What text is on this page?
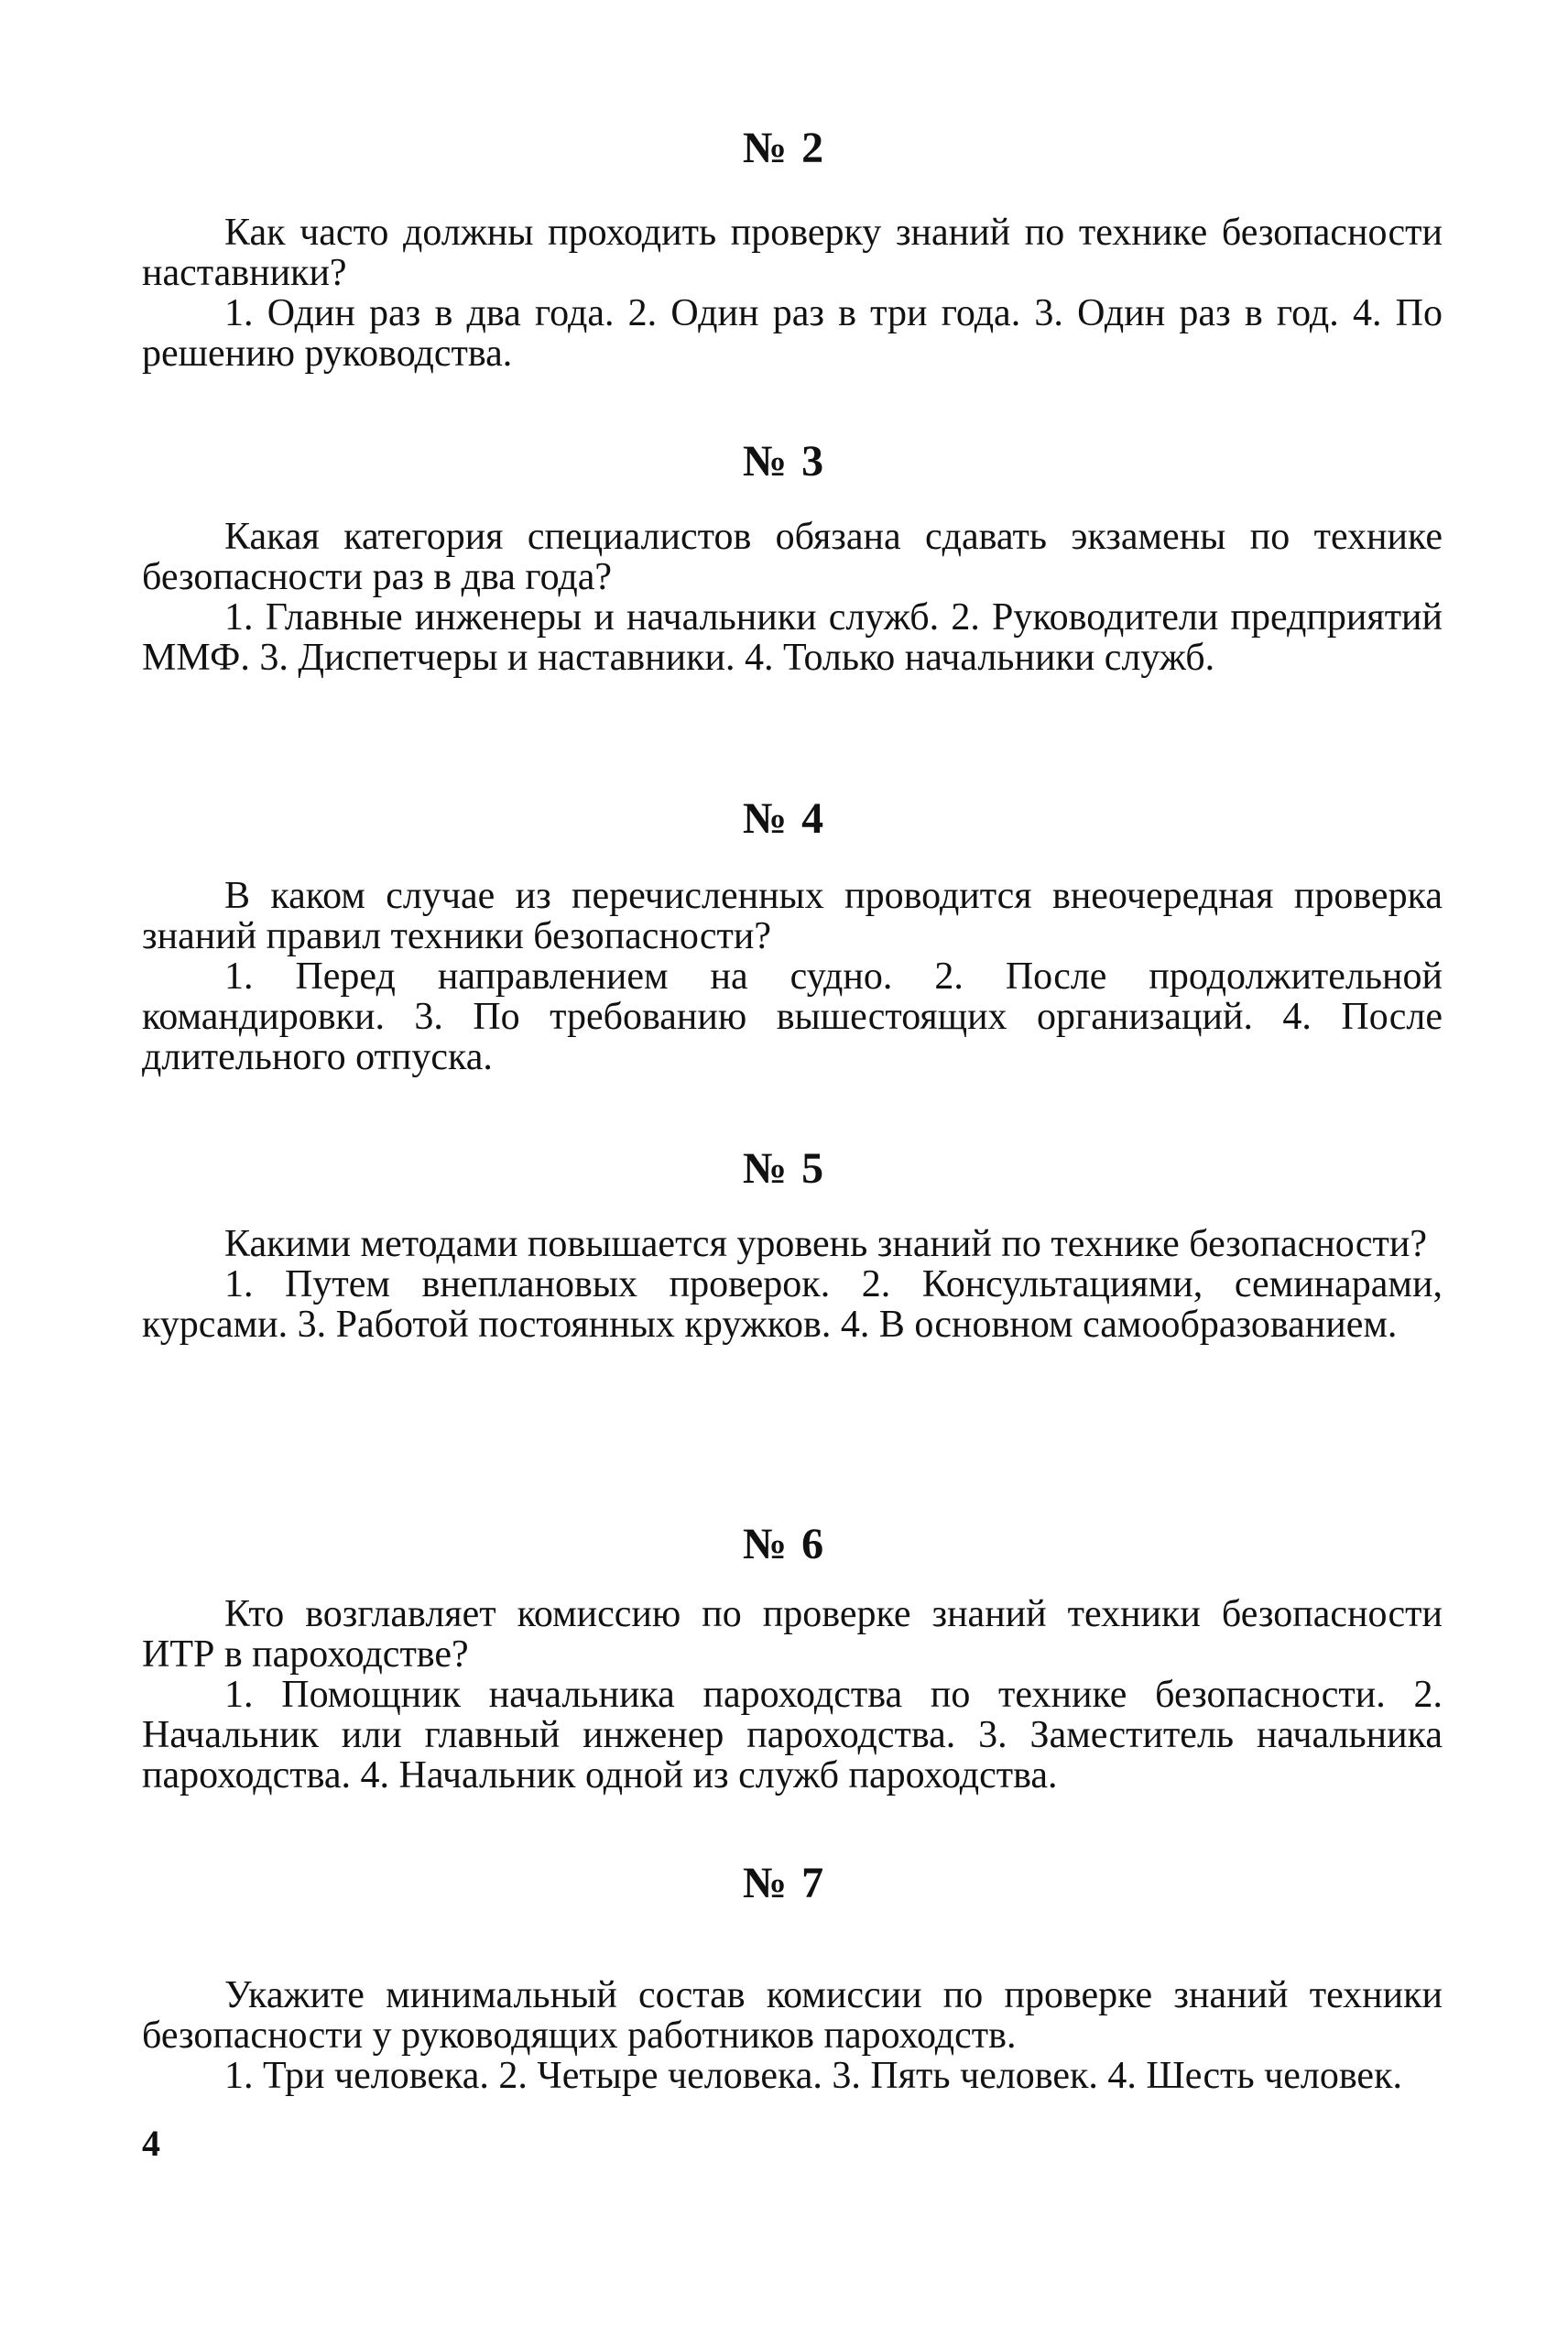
№ 2

Как часто должны проходить проверку знаний по технике безопасности наставники?

1. Один раз в два года. 2. Один раз в три года. 3. Один раз в год. 4. По решению руководства.

№ 3

Какая категория специалистов обязана сдавать экзамены по технике безопасности раз в два года?

1. Главные инженеры и начальники служб. 2. Руководители предприятий ММФ. 3. Диспетчеры и наставники. 4. Только начальники служб.

№ 4

В каком случае из перечисленных проводится внеочередная проверка знаний правил техники безопасности?

1. Перед направлением на судно. 2. После продолжительной командировки. 3. По требованию вышестоящих организаций. 4. После длительного отпуска.

№ 5

Какими методами повышается уровень знаний по технике безопасности?

1. Путем внеплановых проверок. 2. Консультациями, семинарами, курсами. 3. Работой постоянных кружков. 4. В основном самообразованием.

№ 6

Кто возглавляет комиссию по проверке знаний техники безопасности ИТР в пароходстве?

1. Помощник начальника пароходства по технике безопасности. 2. Начальник или главный инженер пароходства. 3. Заместитель начальника пароходства. 4. Начальник одной из служб пароходства.

№ 7

Укажите минимальный состав комиссии по проверке знаний техники безопасности у руководящих работников пароходств.

1. Три человека. 2. Четыре человека. 3. Пять человек. 4. Шесть человек.

4
